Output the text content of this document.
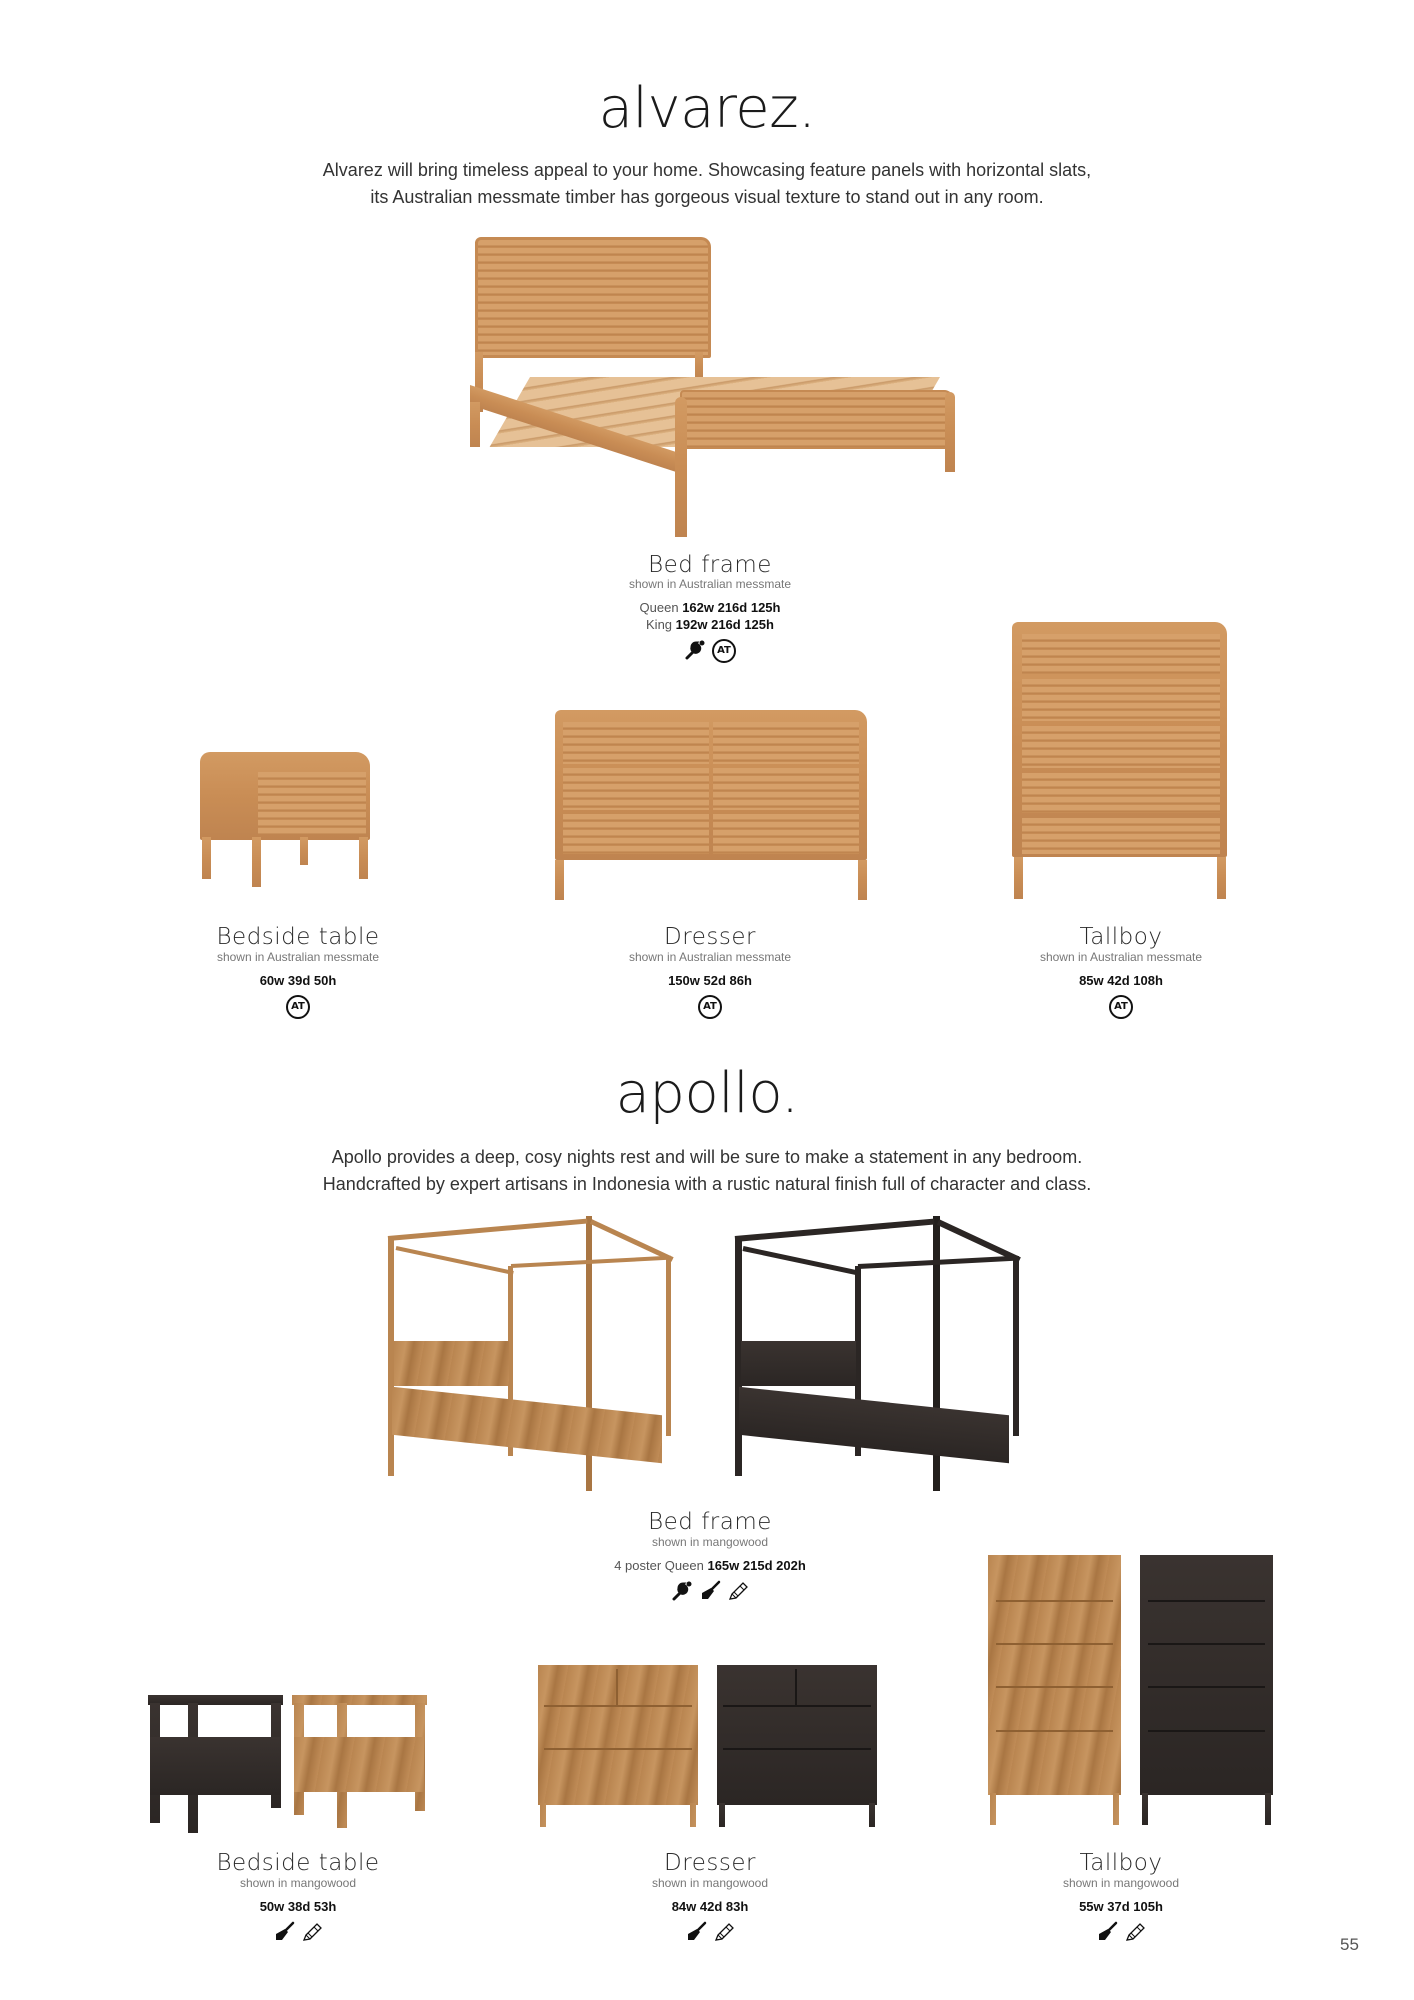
alvarez.
Alvarez will bring timeless appeal to your home. Showcasing feature panels with horizontal slats,
its Australian messmate timber has gorgeous visual texture to stand out in any room.
Bed frame
shown in Australian messmate
Queen 162w 216d 125h
King 192w 216d 125h
AT
Bedside table
shown in Australian messmate
60w 39d 50h
AT
Dresser
shown in Australian messmate
150w 52d 86h
AT
Tallboy
shown in Australian messmate
85w 42d 108h
AT
apollo.
Apollo provides a deep, cosy nights rest and will be sure to make a statement in any bedroom.
Handcrafted by expert artisans in Indonesia with a rustic natural finish full of character and class.
Bed frame
shown in mangowood
4 poster Queen 165w 215d 202h
Bedside table
shown in mangowood
50w 38d 53h
Dresser
shown in mangowood
84w 42d 83h
Tallboy
shown in mangowood
55w 37d 105h
55
